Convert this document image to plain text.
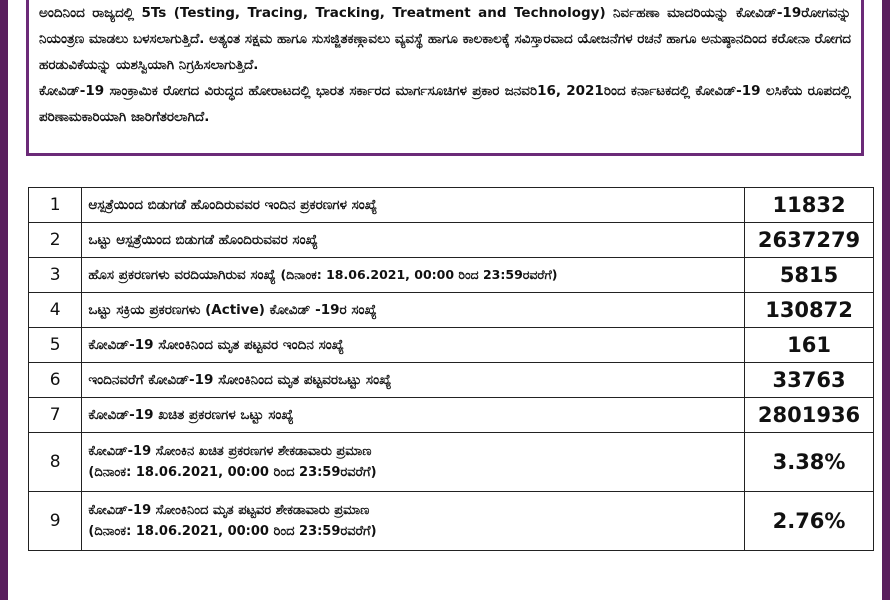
ಅಂದಿನಿಂದ ರಾಜ್ಯದಲ್ಲಿ 5Ts (Testing, Tracing, Tracking, Treatment and Technology) ನಿರ್ವಹಣಾ ಮಾದರಿಯನ್ನು ಕೋವಿಡ್-19ರೋಗವನ್ನು ನಿಯಂತ್ರಣ ಮಾಡಲು ಬಳಸಲಾಗುತ್ತಿದೆ. ಅತ್ಯಂತ ಸಕ್ಷಮ ಹಾಗೂ ಸುಸಜ್ಜಿತಕಣ್ಗಾವಲು ವ್ಯವಸ್ಥೆ ಹಾಗೂ ಕಾಲಕಾಲಕ್ಕೆ ಸವಿಸ್ತಾರವಾದ ಯೋಜನೆಗಳ ರಚನೆ ಹಾಗೂ ಅನುಷ್ಠಾನದಿಂದ ಕರೋನಾ ರೋಗದ ಹರಡುವಿಕೆಯನ್ನು ಯಶಸ್ವಿಯಾಗಿ ನಿಗ್ರಹಿಸಲಾಗುತ್ತಿದೆ.

ಕೋವಿಡ್-19 ಸಾಂಕ್ರಾಮಿಕ ರೋಗದ ವಿರುದ್ಧದ ಹೋರಾಟದಲ್ಲಿ ಭಾರತ ಸರ್ಕಾರದ ಮಾರ್ಗಸೂಚಿಗಳ ಪ್ರಕಾರ ಜನವರಿ16, 2021ರಿಂದ ಕರ್ನಾಟಕದಲ್ಲಿ ಕೋವಿಡ್-19 ಲಸಿಕೆಯ ರೂಪದಲ್ಲಿ ಪರಿಣಾಮಕಾರಿಯಾಗಿ ಜಾರಿಗೆತರಲಾಗಿದೆ.

1	ಆಸ್ಪತ್ರೆಯಿಂದ ಬಿಡುಗಡೆ ಹೊಂದಿರುವವರ ಇಂದಿನ ಪ್ರಕರಣಗಳ ಸಂಖ್ಯೆ	11832
2	ಒಟ್ಟು ಆಸ್ಪತ್ರೆಯಿಂದ ಬಿಡುಗಡೆ ಹೊಂದಿರುವವರ ಸಂಖ್ಯೆ	2637279
3	ಹೊಸ ಪ್ರಕರಣಗಳು ವರದಿಯಾಗಿರುವ ಸಂಖ್ಯೆ (ದಿನಾಂಕ: 18.06.2021, 00:00 ರಿಂದ 23:59ರವರೆಗೆ)	5815
4	ಒಟ್ಟು ಸಕ್ರಿಯ ಪ್ರಕರಣಗಳು (Active) ಕೋವಿಡ್ -19ರ ಸಂಖ್ಯೆ	130872
5	ಕೋವಿಡ್-19 ಸೋಂಕಿನಿಂದ ಮೃತ ಪಟ್ಟವರ ಇಂದಿನ ಸಂಖ್ಯೆ	161
6	ಇಂದಿನವರೆಗೆ ಕೋವಿಡ್-19 ಸೋಂಕಿನಿಂದ ಮೃತ ಪಟ್ಟವರಒಟ್ಟು ಸಂಖ್ಯೆ	33763
7	ಕೋವಿಡ್-19 ಖಚಿತ ಪ್ರಕರಣಗಳ ಒಟ್ಟು ಸಂಖ್ಯೆ	2801936
8	ಕೋವಿಡ್-19 ಸೋಂಕಿನ ಖಚಿತ ಪ್ರಕರಣಗಳ ಶೇಕಡಾವಾರು ಪ್ರಮಾಣ
(ದಿನಾಂಕ: 18.06.2021, 00:00 ರಿಂದ 23:59ರವರೆಗೆ)	3.38%
9	ಕೋವಿಡ್-19 ಸೋಂಕಿನಿಂದ ಮೃತ ಪಟ್ಟವರ ಶೇಕಡಾವಾರು ಪ್ರಮಾಣ
(ದಿನಾಂಕ: 18.06.2021, 00:00 ರಿಂದ 23:59ರವರೆಗೆ)	2.76%
